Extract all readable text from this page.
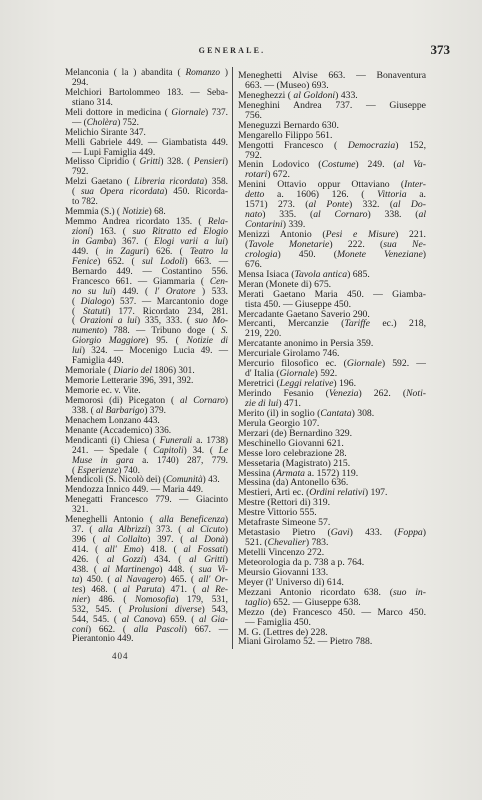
GENERALE.	373
Melanconia ( la ) abandita ( Romanzo )
294.
Melchiori Bartolommeo 183. — Seba-
stiano 314.
Meli dottore in medicina ( Giornale) 737.
— (Cholèra) 752.
Melichio Sirante 347.
Melli Gabriele 449. — Giambatista 449.
— Lupi Famiglia 449.
Melisso Cipridio ( Gritti) 328. ( Pensieri)
792.
Melzi Gaetano ( Libreria ricordata) 358.
( sua Opera ricordata) 450. Ricorda-
to 782.
Memmia (S.) ( Notizie) 68.
Memmo Andrea ricordato 135. ( Rela-
zioni) 163. ( suo Ritratto ed Elogio
in Gamba) 367. ( Elogi varii a lui)
449. ( in Zaguri) 626. ( Teatro la
Fenice) 652. ( sul Lodoli) 663. —
Bernardo 449. — Costantino 556.
Francesco 661. — Giammaria ( Cen-
no su lui) 449. ( l' Oratore ) 533.
( Dialogo) 537. — Marcantonio doge
( Statuti) 177. Ricordato 234, 281.
( Orazioni a lui) 335, 333. ( suo Mo-
numento) 788. — Tribuno doge ( S.
Giorgio Maggiore) 95. ( Notizie di
lui) 324. — Mocenigo Lucia 49. —
Famiglia 449.
Memoriale ( Diario del 1806) 301.
Memorie Letterarie 396, 391, 392.
Memorie ec. v. Vite.
Memorosi (di) Picegaton ( al Cornaro)
338. ( al Barbarigo) 379.
Menachem Lonzano 443.
Menante (Accademico) 336.
Mendicanti (i) Chiesa ( Funerali a. 1738)
241. — Spedale ( Capitoli) 34. ( Le
Muse in gara a. 1740) 287, 779.
( Esperienze) 740.
Mendicoli (S. Nicolò dei) (Comunità) 43.
Mendozza Innico 449. — Maria 449.
Menegatti Francesco 779. — Giacinto
321.
Meneghelli Antonio ( alla Beneficenza)
37. ( alla Albrizzi) 373. ( al Cicuto)
396 ( al Collalto) 397. ( al Donà)
414. ( all' Emo) 418. ( al Fossati)
426. ( al Gozzi) 434. ( al Gritti)
438. ( al Martinengo) 448. ( sua Vi-
ta) 450. ( al Navagero) 465. ( all' Or-
tes) 468. ( al Paruta) 471. ( al Re-
nier) 486. ( Nomosofia) 179, 531,
532, 545. ( Prolusioni diverse) 543,
544, 545. ( al Canova) 659. ( al Gia-
coni) 662. ( alla Pascoli) 667. —
Pierantonio 449.
Meneghetti Alvise 663. — Bonaventura
663. — (Museo) 693.
Meneghezzi ( al Goldoni) 433.
Meneghini Andrea 737. — Giuseppe
756.
Meneguzzi Bernardo 630.
Mengarello Filippo 561.
Mengotti Francesco ( Democrazia) 152,
792.
Menin Lodovico (Costume) 249. (al Va-
rotari) 672.
Menini Ottavio oppur Ottaviano (Inter-
detto a. 1606) 126. ( Vittoria a.
1571) 273. (al Ponte) 332. (al Do-
nato) 335. (al Cornaro) 338. (al
Contarini) 339.
Menizzi Antonio (Pesi e Misure) 221.
(Tavole Monetarie) 222. (sua Ne-
crologia) 450. (Monete Veneziane)
676.
Mensa Isiaca (Tavola antica) 685.
Meran (Monete di) 675.
Merati Gaetano Maria 450. — Giamba-
tista 450. — Giuseppe 450.
Mercadante Gaetano Saverio 290.
Mercanti, Mercanzie (Tariffe ec.) 218,
219, 220.
Mercatante anonimo in Persia 359.
Mercuriale Girolamo 746.
Mercurio filosofico ec. (Giornale) 592. —
d' Italia (Giornale) 592.
Meretrici (Leggi relative) 196.
Merindo Fesanio (Venezia) 262. (Noti-
zie di lui) 471.
Merito (il) in soglio (Cantata) 308.
Merula Georgio 107.
Merzari (de) Bernardino 329.
Meschinello Giovanni 621.
Messe loro celebrazione 28.
Messetaria (Magistrato) 215.
Messina (Armata a. 1572) 119.
Messina (da) Antonello 636.
Mestieri, Arti ec. (Ordini relativi) 197.
Mestre (Rettori di) 319.
Mestre Vittorio 555.
Metafraste Simeone 57.
Metastasio Pietro (Gavi) 433. (Foppa)
521. (Chevalier) 783.
Metelli Vincenzo 272.
Meteorologia da p. 738 a p. 764.
Meursio Giovanni 133.
Meyer (l' Universo di) 614.
Mezzani Antonio ricordato 638. (suo in-
taglio) 652. — Giuseppe 638.
Mezzo (de) Francesco 450. — Marco 450.
— Famiglia 450.
M. G. (Lettres de) 228.
Miani Girolamo 52. — Pietro 788.
404
